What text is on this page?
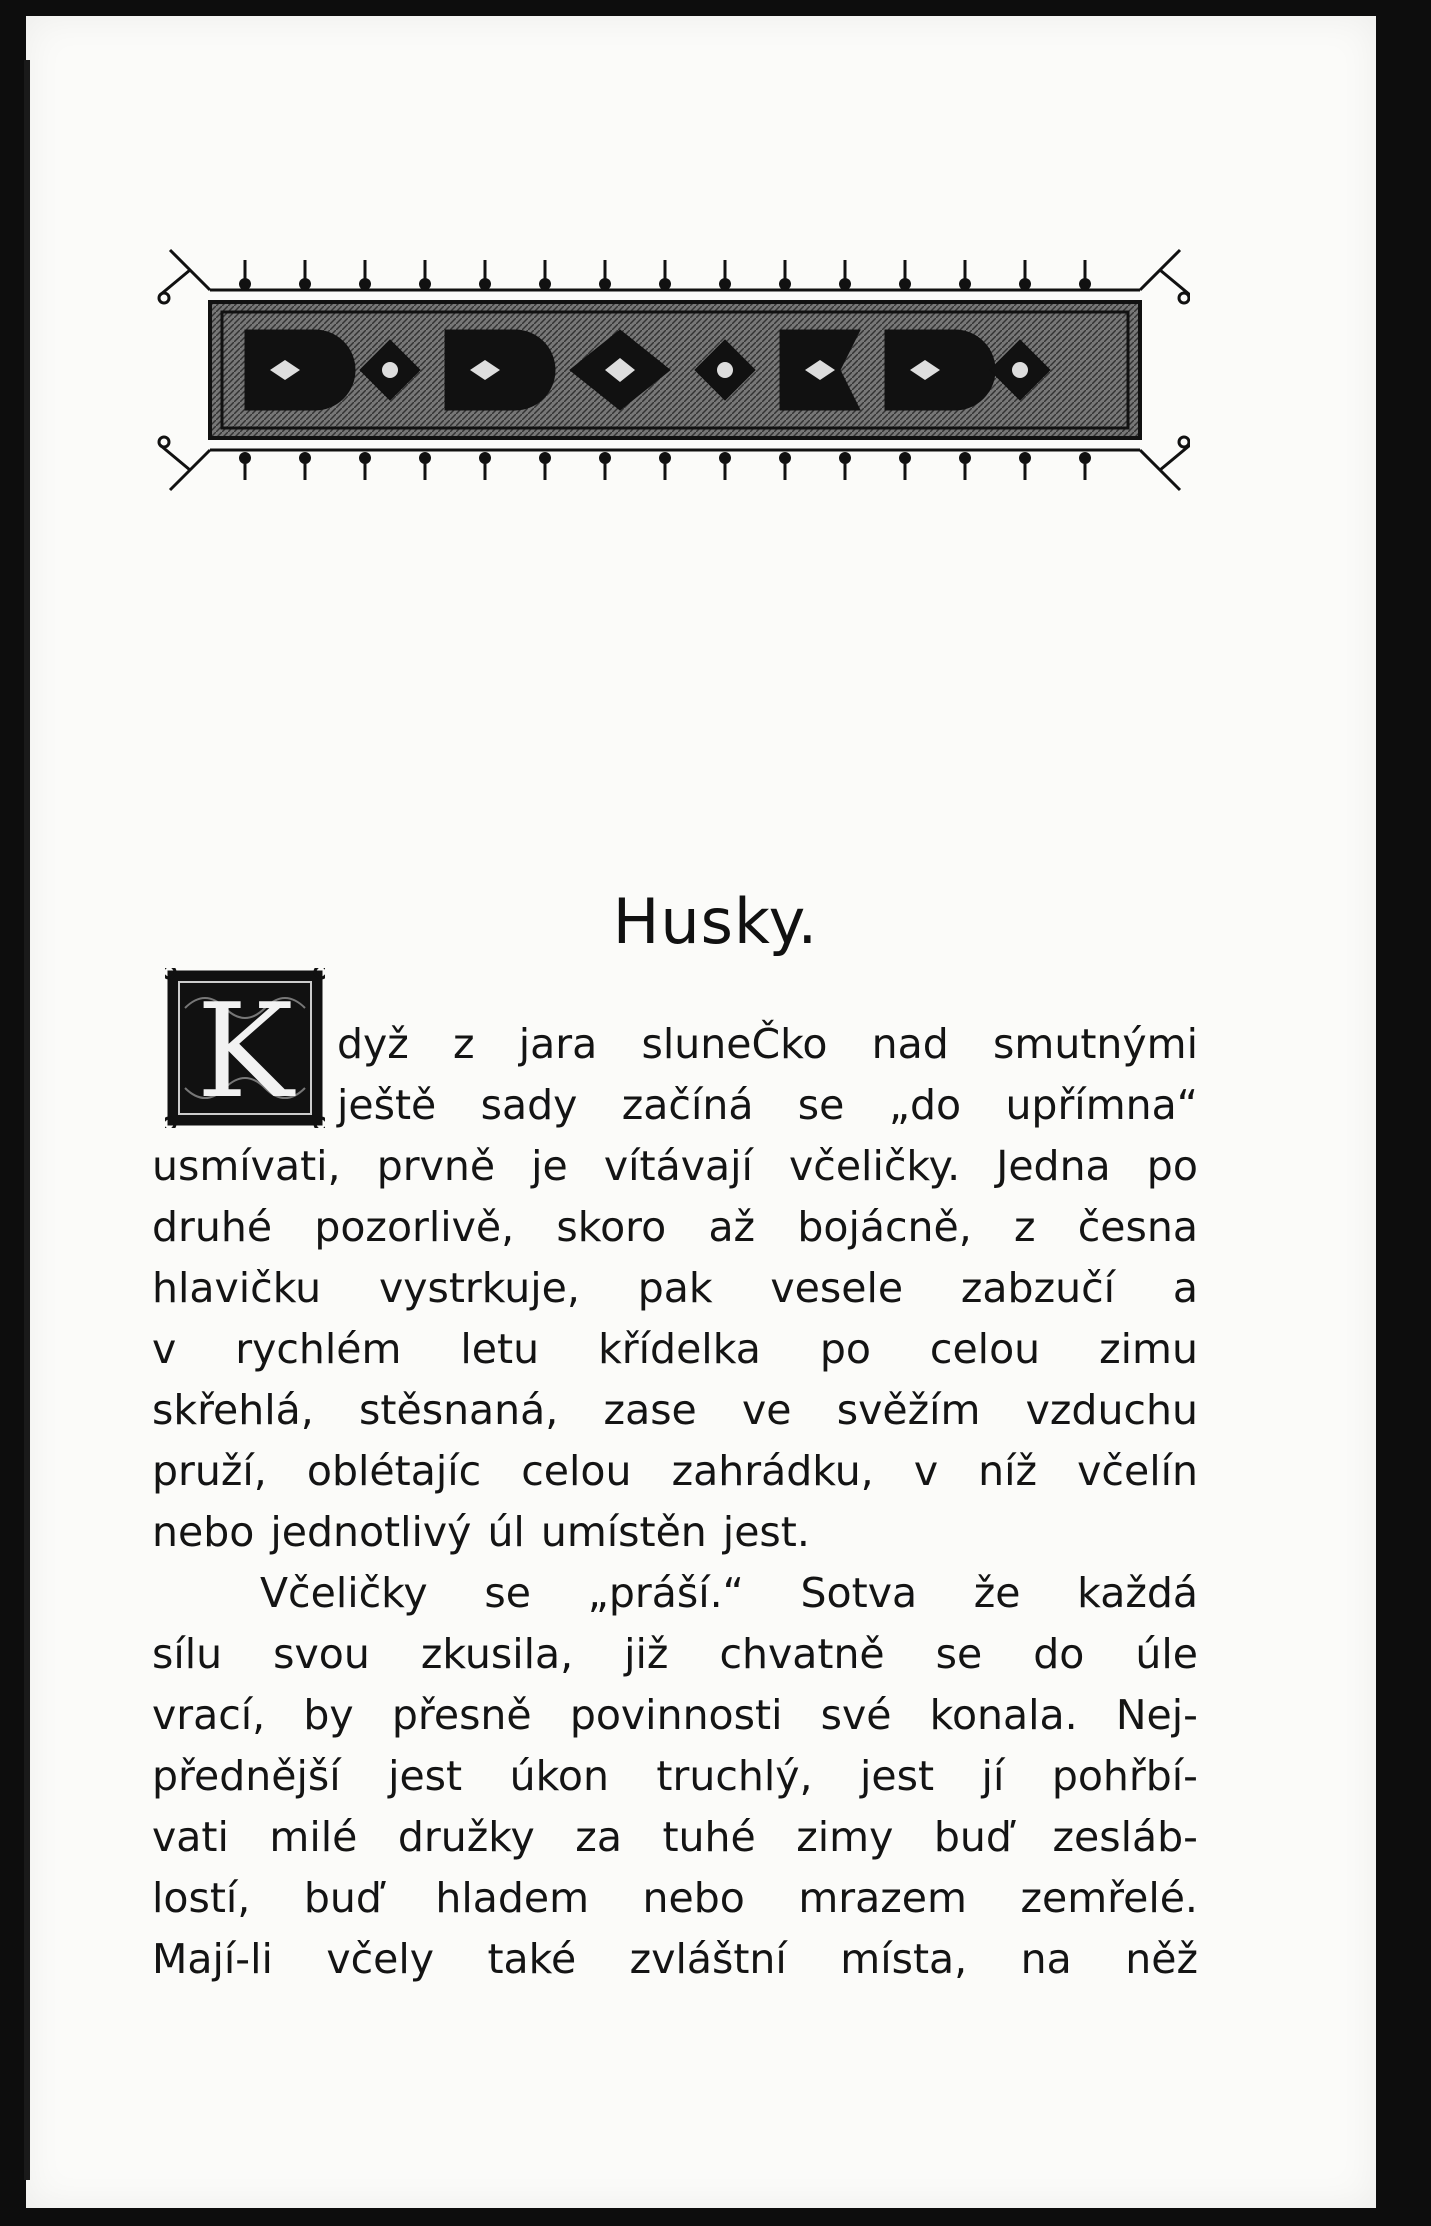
Husky.
K dyž z jara sluneČko nad smutnými
ještě sady začíná se „do upřímna“
usmívati, prvně je vítávají včeličky. Jedna po
druhé pozorlivě, skoro až bojácně, z česna
hlavičku vystrkuje, pak vesele zabzučí a
v rychlém letu křídelka po celou zimu
skřehlá, stěsnaná, zase ve svěžím vzduchu
pruží, oblétajíc celou zahrádku, v níž včelín
nebo jednotlivý úl umístěn jest.
Včeličky se „práší.“ Sotva že každá
sílu svou zkusila, již chvatně se do úle
vrací, by přesně povinnosti své konala. Nej-
přednější jest úkon truchlý, jest jí pohřbí-
vati milé družky za tuhé zimy buď zesláb-
lostí, buď hladem nebo mrazem zemřelé.
Mají-li včely také zvláštní místa, na něž
